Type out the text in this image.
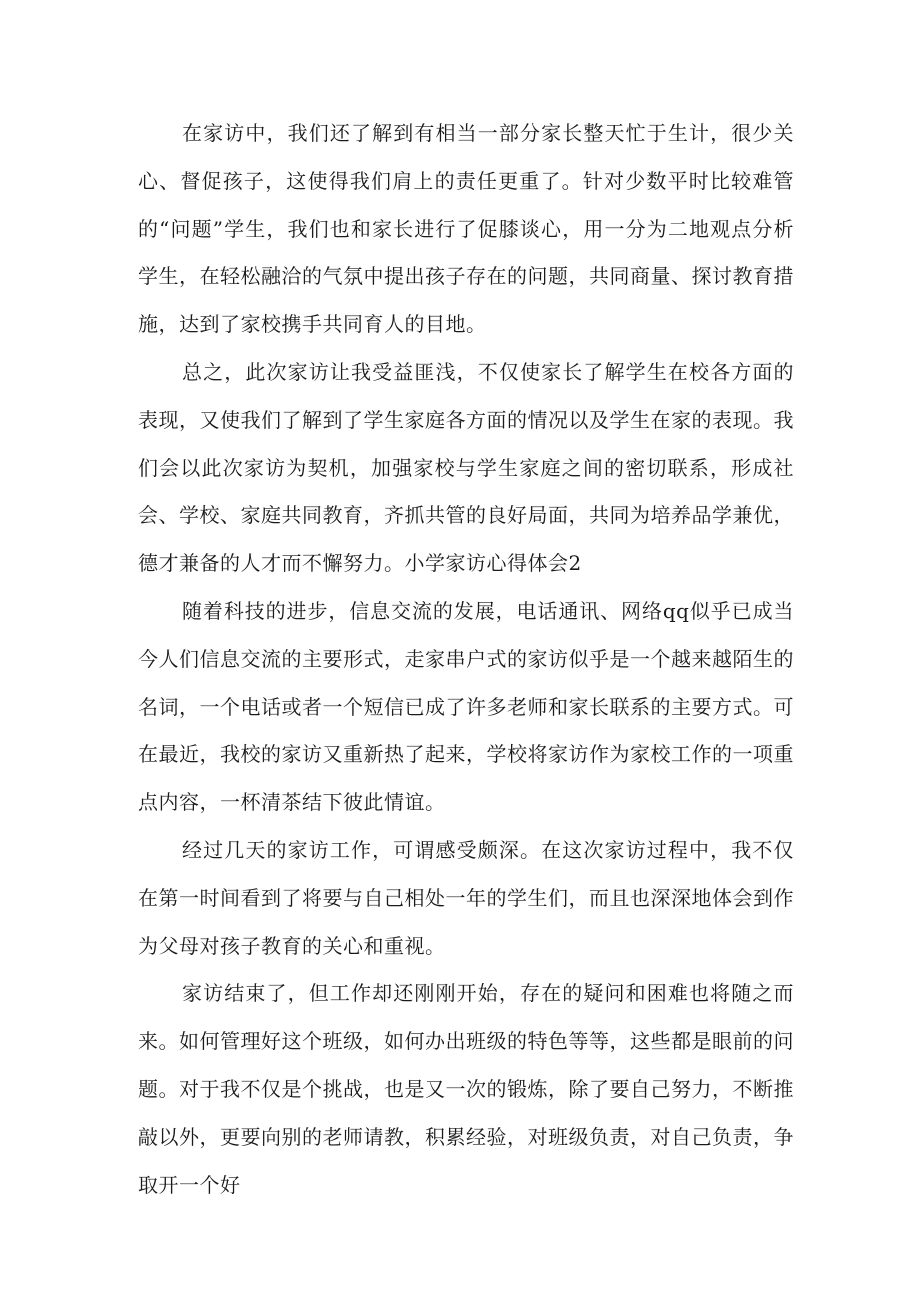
在家访中，我们还了解到有相当一部分家长整天忙于生计，很少关心、督促孩子，这使得我们肩上的责任更重了。针对少数平时比较难管的“问题”学生，我们也和家长进行了促膝谈心，用一分为二地观点分析学生，在轻松融洽的气氛中提出孩子存在的问题，共同商量、探讨教育措施，达到了家校携手共同育人的目地。

总之，此次家访让我受益匪浅，不仅使家长了解学生在校各方面的表现，又使我们了解到了学生家庭各方面的情况以及学生在家的表现。我们会以此次家访为契机，加强家校与学生家庭之间的密切联系，形成社会、学校、家庭共同教育，齐抓共管的良好局面，共同为培养品学兼优，德才兼备的人才而不懈努力。小学家访心得体会2

随着科技的进步，信息交流的发展，电话通讯、网络qq似乎已成当今人们信息交流的主要形式，走家串户式的家访似乎是一个越来越陌生的名词，一个电话或者一个短信已成了许多老师和家长联系的主要方式。可在最近，我校的家访又重新热了起来，学校将家访作为家校工作的一项重点内容，一杯清茶结下彼此情谊。

经过几天的家访工作，可谓感受颇深。在这次家访过程中，我不仅在第一时间看到了将要与自己相处一年的学生们，而且也深深地体会到作为父母对孩子教育的关心和重视。

家访结束了，但工作却还刚刚开始，存在的疑问和困难也将随之而来。如何管理好这个班级，如何办出班级的特色等等，这些都是眼前的问题。对于我不仅是个挑战，也是又一次的锻炼，除了要自己努力，不断推敲以外，更要向别的老师请教，积累经验，对班级负责，对自己负责，争取开一个好
